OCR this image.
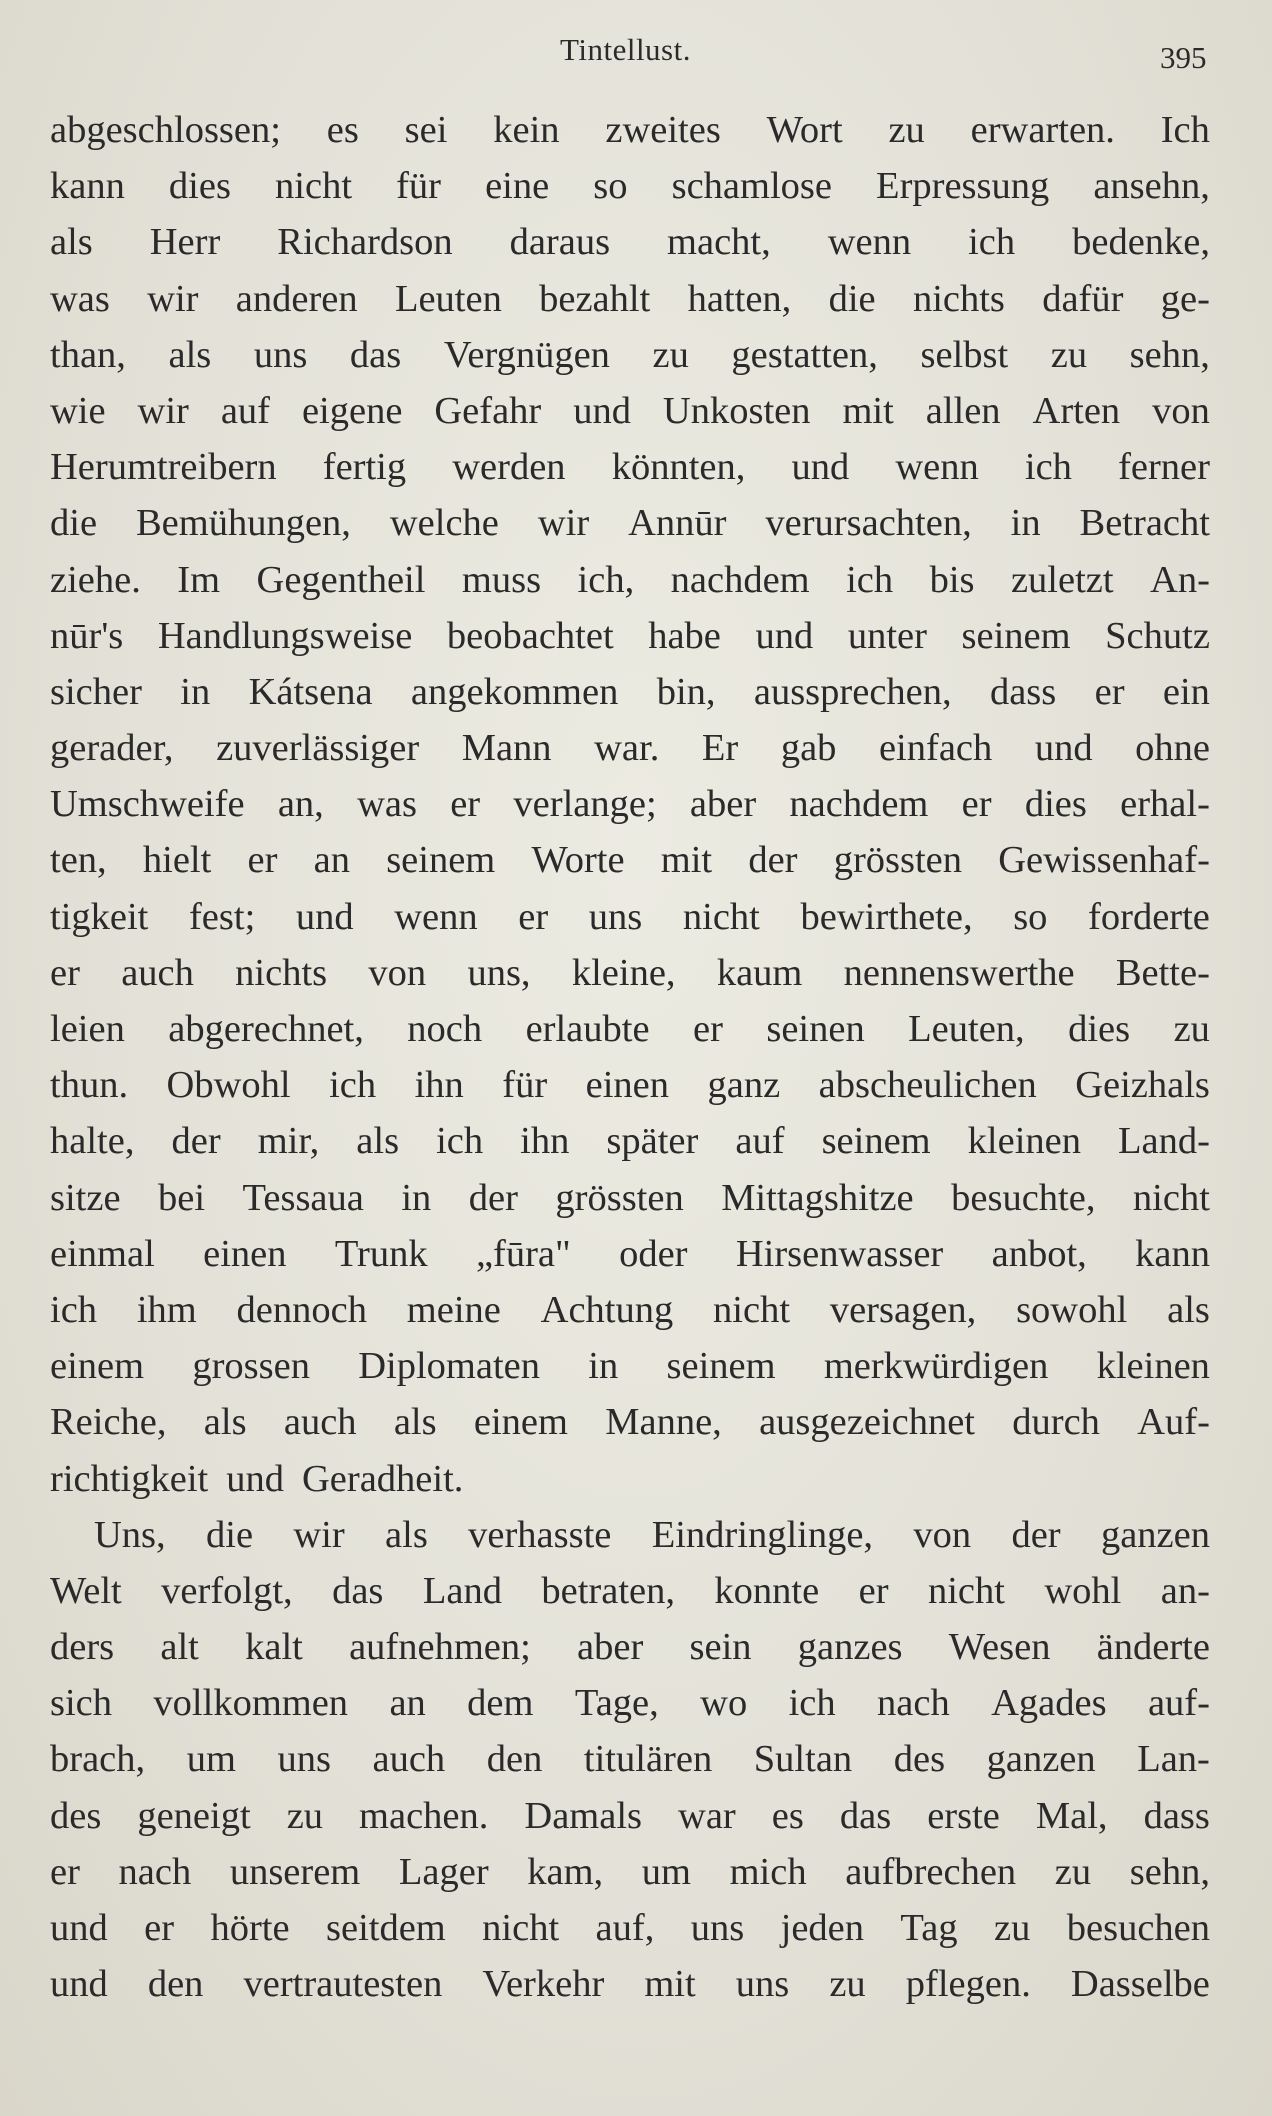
Tintellust.	395
abgeschlossen; es sei kein zweites Wort zu erwarten. Ich
kann dies nicht für eine so schamlose Erpressung ansehn,
als Herr Richardson daraus macht, wenn ich bedenke,
was wir anderen Leuten bezahlt hatten, die nichts dafür ge-
than, als uns das Vergnügen zu gestatten, selbst zu sehn,
wie wir auf eigene Gefahr und Unkosten mit allen Arten von
Herumtreibern fertig werden könnten, und wenn ich ferner
die Bemühungen, welche wir Annūr verursachten, in Betracht
ziehe. Im Gegentheil muss ich, nachdem ich bis zuletzt An-
nūr's Handlungsweise beobachtet habe und unter seinem Schutz
sicher in Kátsena angekommen bin, aussprechen, dass er ein
gerader, zuverlässiger Mann war. Er gab einfach und ohne
Umschweife an, was er verlange; aber nachdem er dies erhal-
ten, hielt er an seinem Worte mit der grössten Gewissenhaf-
tigkeit fest; und wenn er uns nicht bewirthete, so forderte
er auch nichts von uns, kleine, kaum nennenswerthe Bette-
leien abgerechnet, noch erlaubte er seinen Leuten, dies zu
thun. Obwohl ich ihn für einen ganz abscheulichen Geizhals
halte, der mir, als ich ihn später auf seinem kleinen Land-
sitze bei Tessaua in der grössten Mittagshitze besuchte, nicht
einmal einen Trunk „fūra" oder Hirsenwasser anbot, kann
ich ihm dennoch meine Achtung nicht versagen, sowohl als
einem grossen Diplomaten in seinem merkwürdigen kleinen
Reiche, als auch als einem Manne, ausgezeichnet durch Auf-
richtigkeit und Geradheit.
Uns, die wir als verhasste Eindringlinge, von der ganzen
Welt verfolgt, das Land betraten, konnte er nicht wohl an-
ders alt kalt aufnehmen; aber sein ganzes Wesen änderte
sich vollkommen an dem Tage, wo ich nach Agades auf-
brach, um uns auch den titulären Sultan des ganzen Lan-
des geneigt zu machen. Damals war es das erste Mal, dass
er nach unserem Lager kam, um mich aufbrechen zu sehn,
und er hörte seitdem nicht auf, uns jeden Tag zu besuchen
und den vertrautesten Verkehr mit uns zu pflegen. Dasselbe
